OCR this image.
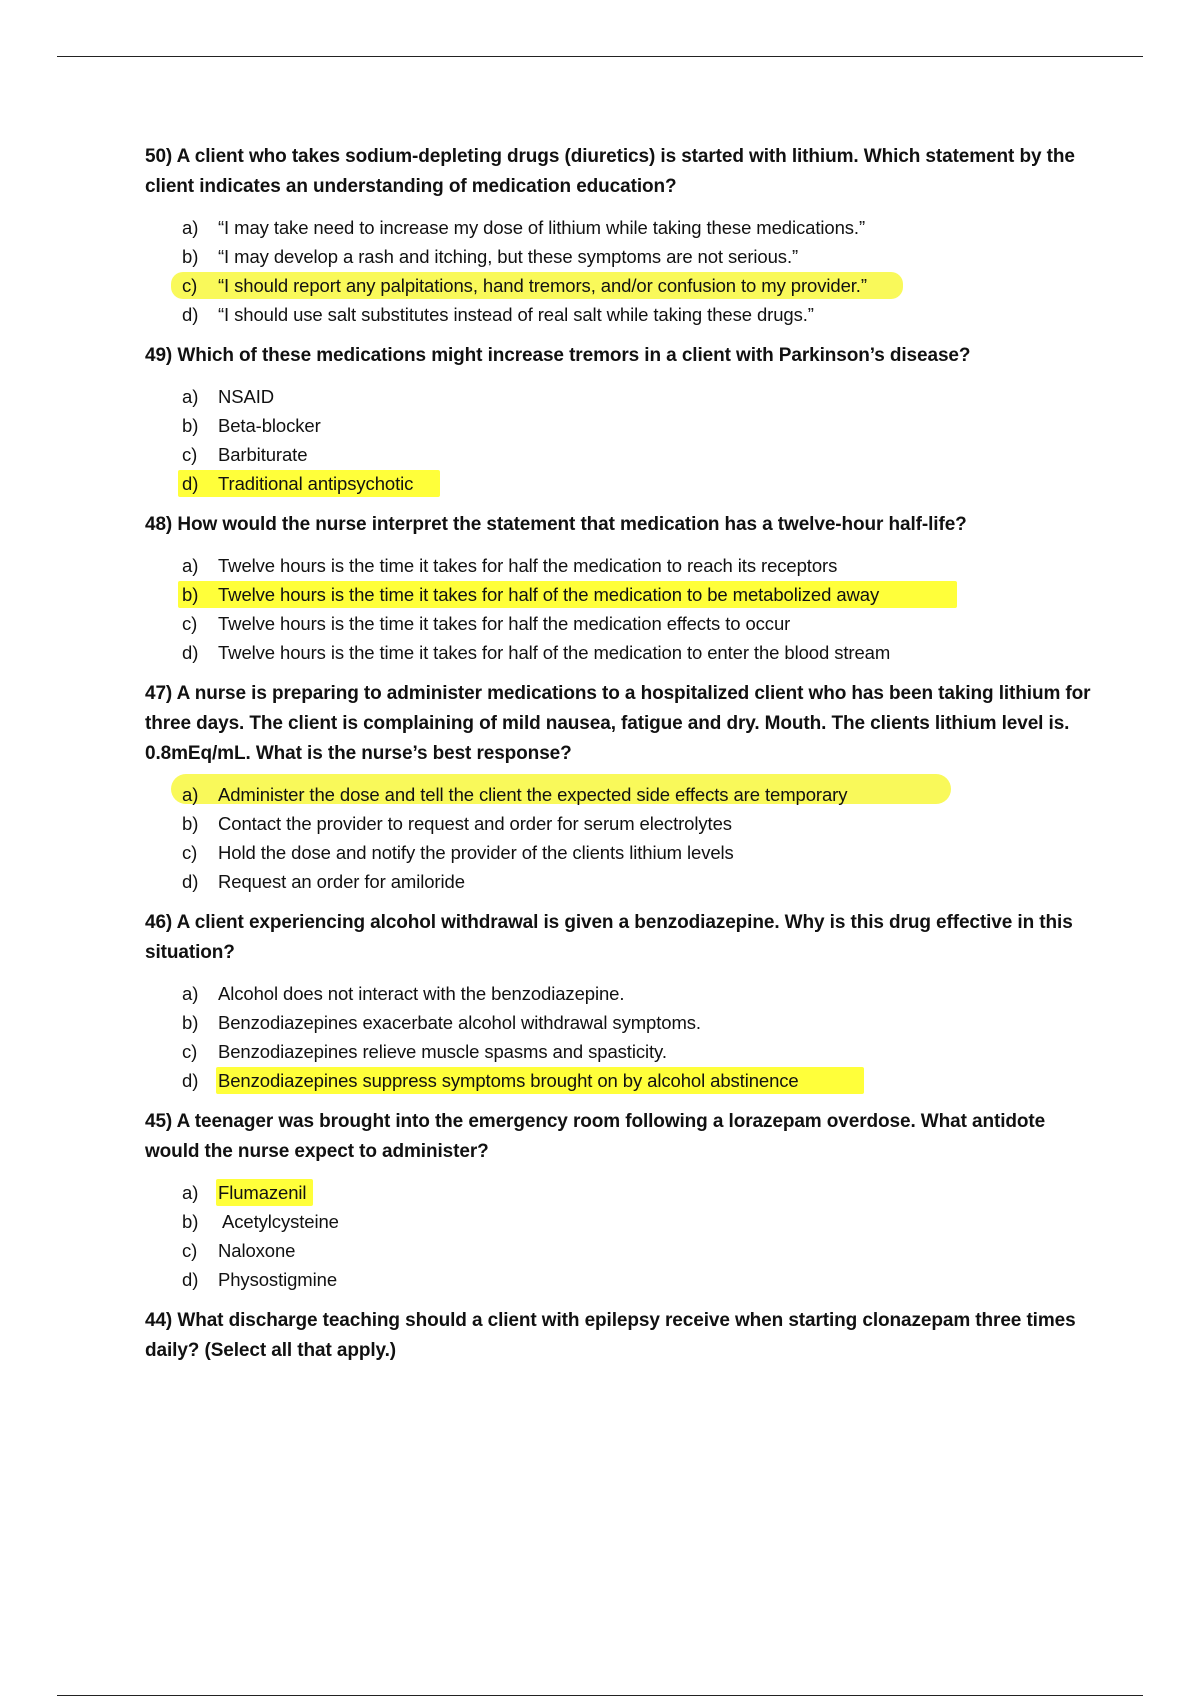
50) A client who takes sodium-depleting drugs (diuretics) is started with lithium. Which statement by the client indicates an understanding of medication education?

a) “I may take need to increase my dose of lithium while taking these medications.”
b) “I may develop a rash and itching, but these symptoms are not serious.”
c) “I should report any palpitations, hand tremors, and/or confusion to my provider.”
d) “I should use salt substitutes instead of real salt while taking these drugs.”

49) Which of these medications might increase tremors in a client with Parkinson’s disease?

a) NSAID
b) Beta-blocker
c) Barbiturate
d) Traditional antipsychotic

48) How would the nurse interpret the statement that medication has a twelve-hour half-life?

a) Twelve hours is the time it takes for half the medication to reach its receptors
b) Twelve hours is the time it takes for half of the medication to be metabolized away
c) Twelve hours is the time it takes for half the medication effects to occur
d) Twelve hours is the time it takes for half of the medication to enter the blood stream

47) A nurse is preparing to administer medications to a hospitalized client who has been taking lithium for three days. The client is complaining of mild nausea, fatigue and dry. Mouth. The clients lithium level is. 0.8mEq/mL. What is the nurse’s best response?

a) Administer the dose and tell the client the expected side effects are temporary
b) Contact the provider to request and order for serum electrolytes
c) Hold the dose and notify the provider of the clients lithium levels
d) Request an order for amiloride

46) A client experiencing alcohol withdrawal is given a benzodiazepine. Why is this drug effective in this situation?

a) Alcohol does not interact with the benzodiazepine.
b) Benzodiazepines exacerbate alcohol withdrawal symptoms.
c) Benzodiazepines relieve muscle spasms and spasticity.
d) Benzodiazepines suppress symptoms brought on by alcohol abstinence

45) A teenager was brought into the emergency room following a lorazepam overdose. What antidote would the nurse expect to administer?

a) Flumazenil
b) Acetylcysteine
c) Naloxone
d) Physostigmine

44) What discharge teaching should a client with epilepsy receive when starting clonazepam three times daily? (Select all that apply.)
